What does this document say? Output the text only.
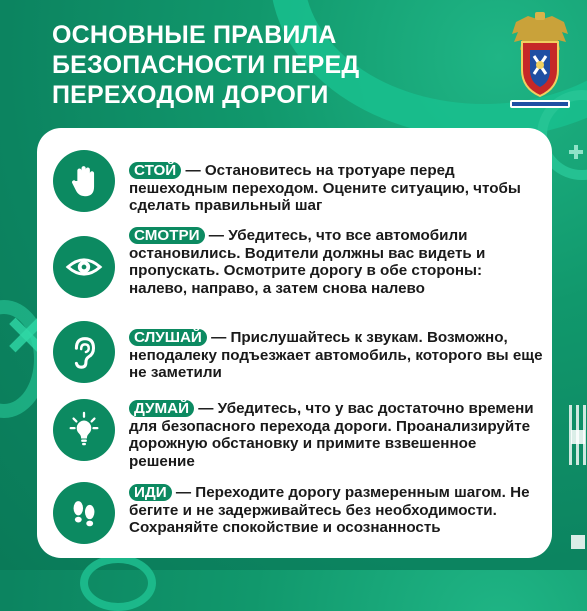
ОСНОВНЫЕ ПРАВИЛА
БЕЗОПАСНОСТИ ПЕРЕД
ПЕРЕХОДОМ ДОРОГИ
СТОЙ — Остановитесь на тротуаре перед пешеходным переходом. Оцените ситуацию, чтобы сделать правильный шаг
СМОТРИ — Убедитесь, что все автомобили остановились. Водители должны вас видеть и пропускать. Осмотрите дорогу в обе стороны: налево, направо, а затем снова налево
СЛУШАЙ — Прислушайтесь к звукам. Возможно, неподалеку подъезжает автомобиль, которого вы еще не заметили
ДУМАЙ — Убедитесь, что у вас достаточно времени для безопасного перехода дороги. Проанализируйте дорожную обстановку и примите взвешенное решение
ИДИ — Переходите дорогу размеренным шагом. Не бегите и не задерживайтесь без необходимости. Сохраняйте спокойствие и осознанность
